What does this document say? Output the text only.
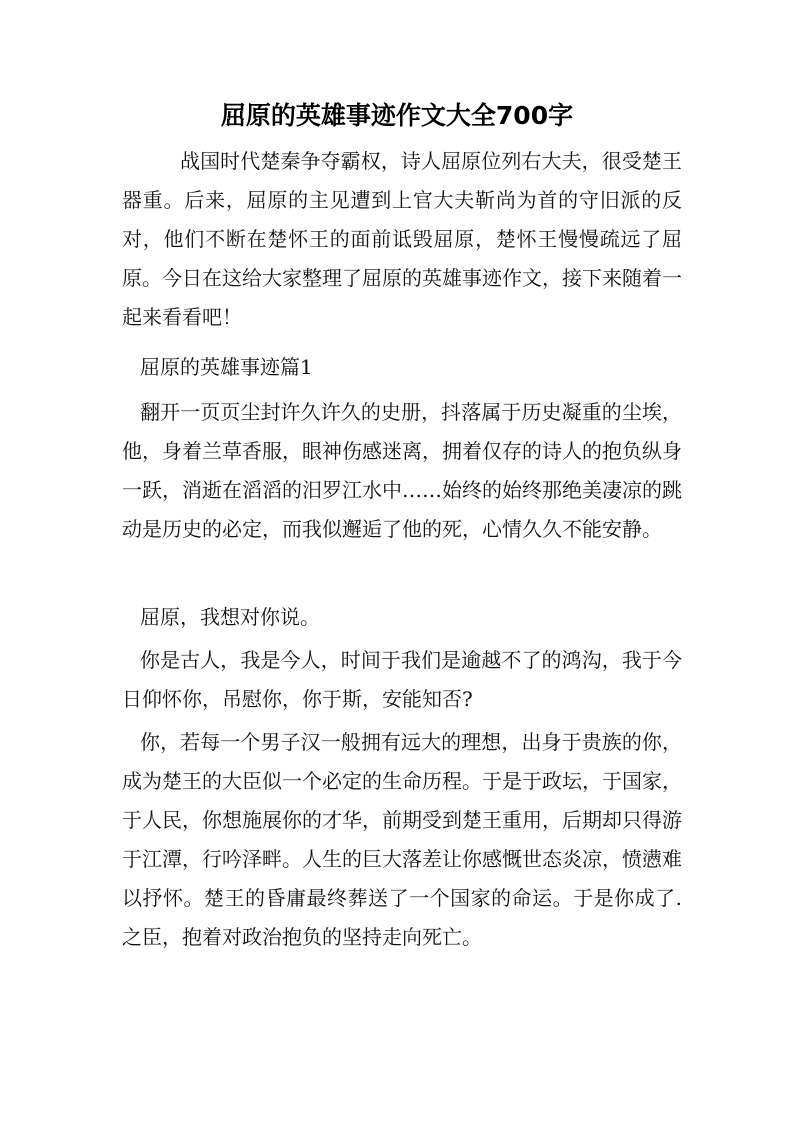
屈原的英雄事迹作文大全700字

战国时代楚秦争夺霸权，诗人屈原位列右大夫，很受楚王器重。后来，屈原的主见遭到上官大夫靳尚为首的守旧派的反对，他们不断在楚怀王的面前诋毁屈原，楚怀王慢慢疏远了屈原。今日在这给大家整理了屈原的英雄事迹作文，接下来随着一起来看看吧！

屈原的英雄事迹篇1

翻开一页页尘封许久许久的史册，抖落属于历史凝重的尘埃，他，身着兰草香服，眼神伤感迷离，拥着仅存的诗人的抱负纵身一跃，消逝在滔滔的汨罗江水中……始终的始终那绝美凄凉的跳动是历史的必定，而我似邂逅了他的死，心情久久不能安静。

屈原，我想对你说。

你是古人，我是今人，时间于我们是逾越不了的鸿沟，我于今日仰怀你，吊慰你，你于斯，安能知否?

你，若每一个男子汉一般拥有远大的理想，出身于贵族的你，成为楚王的大臣似一个必定的生命历程。于是于政坛，于国家，于人民，你想施展你的才华，前期受到楚王重用，后期却只得游于江潭，行吟泽畔。人生的巨大落差让你感慨世态炎凉，愤懑难以抒怀。楚王的昏庸最终葬送了一个国家的命运。于是你成了.之臣，抱着对政治抱负的坚持走向死亡。
